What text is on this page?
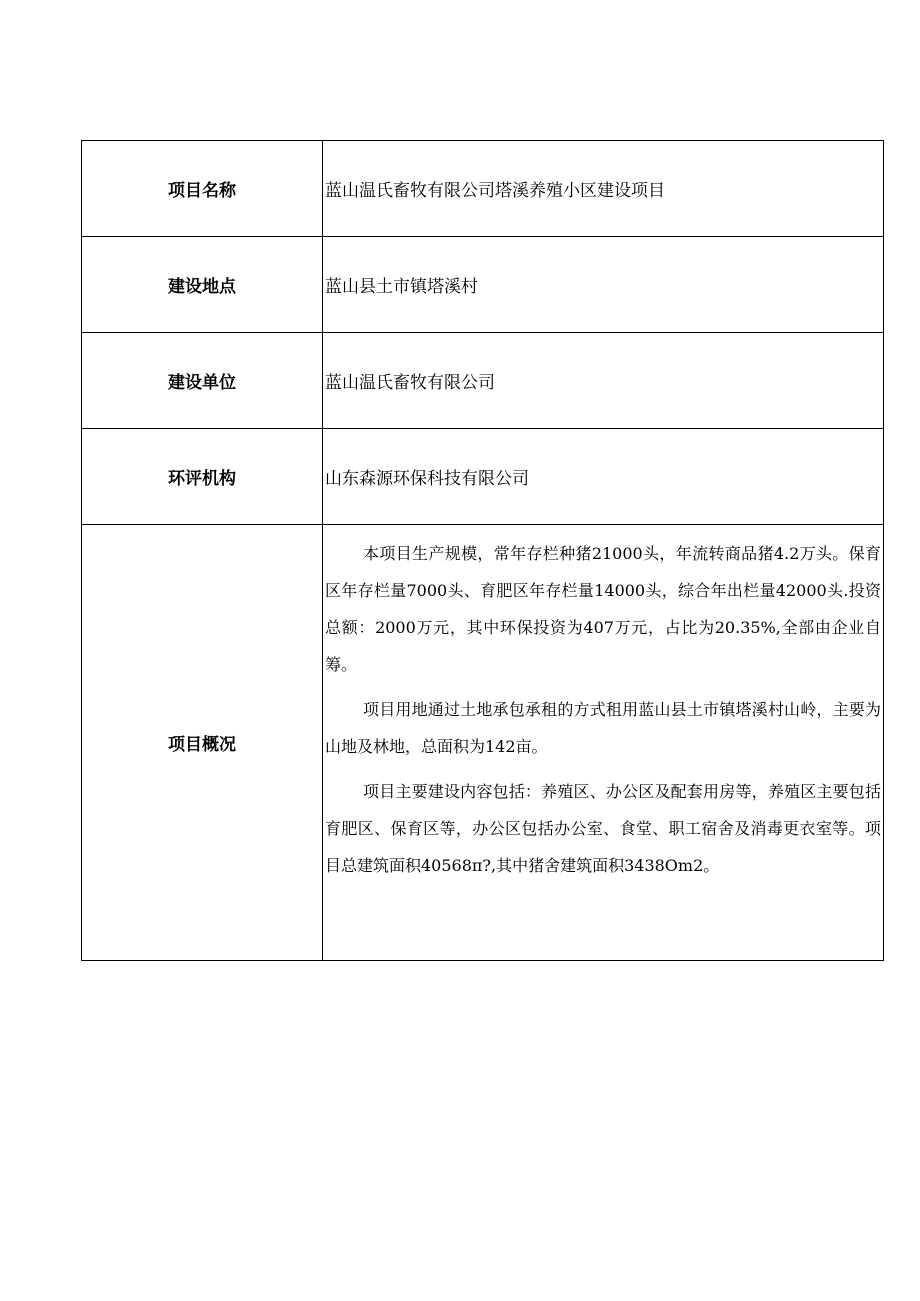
项目名称	蓝山温氏畜牧有限公司塔溪养殖小区建设项目
建设地点	蓝山县土市镇塔溪村
建设单位	蓝山温氏畜牧有限公司
环评机构	山东森源环保科技有限公司
项目概况	本项目生产规模，常年存栏种猪21000头，年流转商品猪4.2万头。保育区年存栏量7000头、育肥区年存栏量14000头，综合年出栏量42000头.投资总额：2000万元，其中环保投资为407万元，占比为20.35%,全部由企业自筹。

项目用地通过土地承包承租的方式租用蓝山县土市镇塔溪村山岭，主要为山地及林地，总面积为142亩。

项目主要建设内容包括：养殖区、办公区及配套用房等，养殖区主要包括育肥区、保育区等，办公区包括办公室、食堂、职工宿舍及消毒更衣室等。项目总建筑面积40568π?,其中猪舍建筑面积3438Om2。
